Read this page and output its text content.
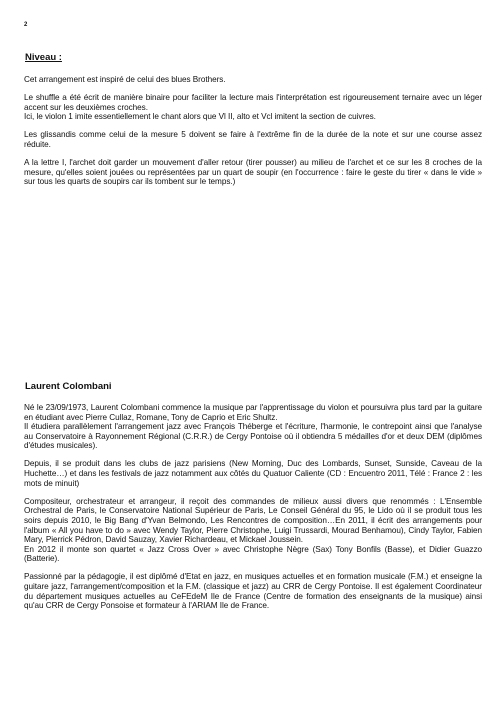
2
Niveau :

Cet arrangement est inspiré de celui des blues Brothers.

Le shuffle a été écrit de manière binaire pour faciliter la lecture mais l'interprétation est rigoureusement ternaire avec un léger accent sur les deuxièmes croches.
Ici, le violon 1 imite essentiellement le chant alors que Vl II, alto et Vcl imitent la section de cuivres.

Les glissandis comme celui de la mesure 5 doivent se faire à l'extrême fin de la durée de la note et sur une course assez réduite.

A la lettre I, l'archet doit garder un mouvement d'aller retour (tirer pousser) au milieu de l'archet et ce sur les 8 croches de la mesure, qu'elles soient jouées ou représentées par un quart de soupir (en l'occurrence : faire le geste du tirer « dans le vide » sur tous les quarts de soupirs car ils tombent sur le temps.)

Laurent Colombani

Né le 23/09/1973, Laurent Colombani commence la musique par l'apprentissage du violon et poursuivra plus tard par la guitare en étudiant avec Pierre Cullaz, Romane, Tony de Caprio et Eric Shultz.
Il étudiera parallèlement l'arrangement jazz avec François Théberge et l'écriture, l'harmonie, le contrepoint ainsi que l'analyse au Conservatoire à Rayonnement Régional (C.R.R.) de Cergy Pontoise où il obtiendra 5 médailles d'or et deux DEM (diplômes d'études musicales).

Depuis, il se produit dans les clubs de jazz parisiens (New Morning, Duc des Lombards, Sunset, Sunside, Caveau de la Huchette…) et dans les festivals de jazz notamment aux côtés du Quatuor Caliente (CD : Encuentro 2011, Télé : France 2 : les mots de minuit)

Compositeur, orchestrateur et arrangeur, il reçoit des commandes de milieux aussi divers que renommés : L'Ensemble Orchestral de Paris, le Conservatoire National Supérieur de Paris, Le Conseil Général du 95, le Lido où il se produit tous les soirs depuis 2010, le Big Bang d'Yvan Belmondo, Les Rencontres de composition…En 2011, il écrit des arrangements pour l'album « All you have to do » avec Wendy Taylor, Pierre Christophe, Luigi Trussardi, Mourad Benhamou), Cindy Taylor, Fabien Mary, Pierrick Pédron, David Sauzay, Xavier Richardeau, et Mickael Joussein.
En 2012 il monte son quartet « Jazz Cross Over » avec Christophe Nègre (Sax) Tony Bonfils (Basse), et Didier Guazzo (Batterie).

Passionné par la pédagogie, il est diplômé d'Etat en jazz, en musiques actuelles et en formation musicale (F.M.) et enseigne la guitare jazz, l'arrangement/composition et la F.M. (classique et jazz) au CRR de Cergy Pontoise. Il est également Coordinateur du département musiques actuelles au CeFEdeM Ile de France (Centre de formation des enseignants de la musique) ainsi qu'au CRR de Cergy Ponsoise et formateur à l'ARIAM Ile de France.
